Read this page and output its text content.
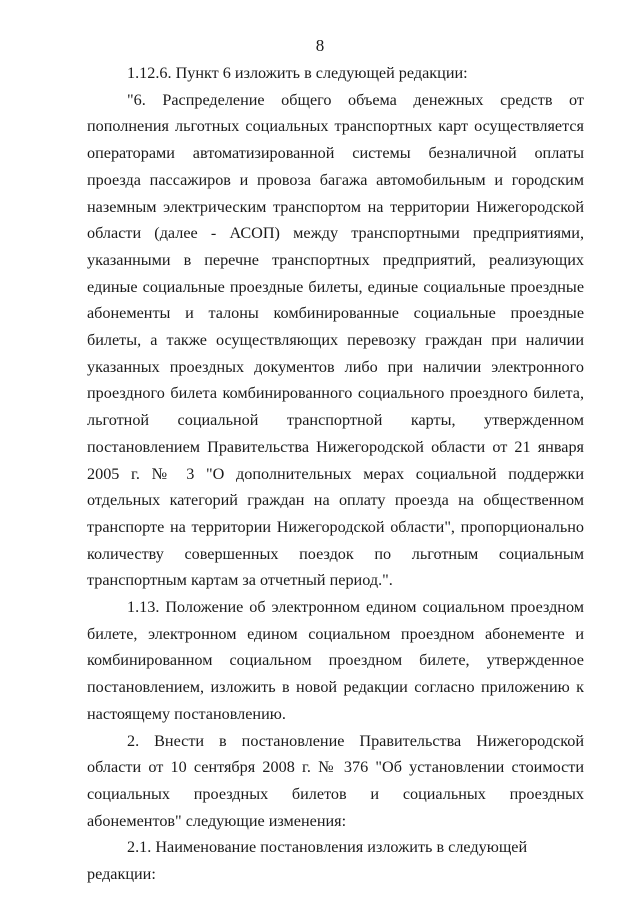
8

1.12.6. Пункт 6 изложить в следующей редакции:

"6. Распределение общего объема денежных средств от пополнения льготных социальных транспортных карт осуществляется операторами автоматизированной системы безналичной оплаты проезда пассажиров и провоза багажа автомобильным и городским наземным электрическим транспортом на территории Нижегородской области (далее - АСОП) между транспортными предприятиями, указанными в перечне транспортных предприятий, реализующих единые социальные проездные билеты, единые социальные проездные абонементы и талоны комбинированные социальные проездные билеты, а также осуществляющих перевозку граждан при наличии указанных проездных документов либо при наличии электронного проездного билета комбинированного социального проездного билета, льготной социальной транспортной карты, утвержденном постановлением Правительства Нижегородской области от 21 января 2005 г. № 3 "О дополнительных мерах социальной поддержки отдельных категорий граждан на оплату проезда на общественном транспорте на территории Нижегородской области", пропорционально количеству совершенных поездок по льготным социальным транспортным картам за отчетный период.".

1.13. Положение об электронном едином социальном проездном билете, электронном едином социальном проездном абонементе и комбинированном социальном проездном билете, утвержденное постановлением, изложить в новой редакции согласно приложению к настоящему постановлению.

2. Внести в постановление Правительства Нижегородской области от 10 сентября 2008 г. № 376 "Об установлении стоимости социальных проездных билетов и социальных проездных абонементов" следующие изменения:

2.1. Наименование постановления изложить в следующей редакции:
